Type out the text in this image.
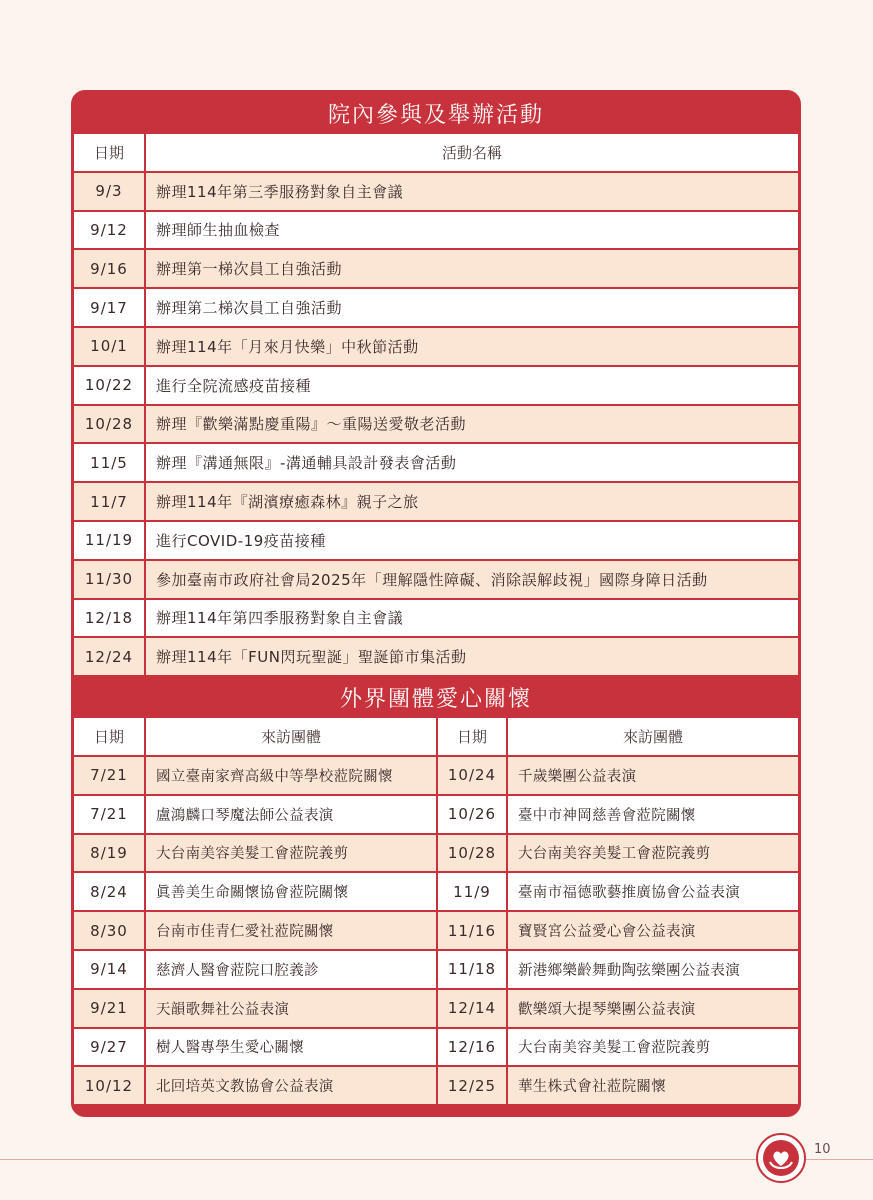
院內參與及舉辦活動
日期	活動名稱
9/3	辦理114年第三季服務對象自主會議
9/12	辦理師生抽血檢查
9/16	辦理第一梯次員工自強活動
9/17	辦理第二梯次員工自強活動
10/1	辦理114年「月來月快樂」中秋節活動
10/22	進行全院流感疫苗接種
10/28	辦理『歡樂滿點慶重陽』～重陽送愛敬老活動
11/5	辦理『溝通無限』-溝通輔具設計發表會活動
11/7	辦理114年『湖濱療癒森林』親子之旅
11/19	進行COVID-19疫苗接種
11/30	參加臺南市政府社會局2025年「理解隱性障礙、消除誤解歧視」國際身障日活動
12/18	辦理114年第四季服務對象自主會議
12/24	辦理114年「FUN閃玩聖誕」聖誕節市集活動
外界團體愛心關懷
日期	來訪團體	日期	來訪團體
7/21	國立臺南家齊高級中等學校蒞院關懷	10/24	千歲樂團公益表演
7/21	盧鴻麟口琴魔法師公益表演	10/26	臺中市神岡慈善會蒞院關懷
8/19	大台南美容美髮工會蒞院義剪	10/28	大台南美容美髮工會蒞院義剪
8/24	眞善美生命關懷協會蒞院關懷	11/9	臺南市福德歌藝推廣協會公益表演
8/30	台南市佳青仁愛社蒞院關懷	11/16	寶賢宮公益愛心會公益表演
9/14	慈濟人醫會蒞院口腔義診	11/18	新港鄉樂齡舞動陶弦樂團公益表演
9/21	天韻歌舞社公益表演	12/14	歡樂頌大提琴樂團公益表演
9/27	樹人醫專學生愛心關懷	12/16	大台南美容美髮工會蒞院義剪
10/12	北回培英文教協會公益表演	12/25	華生株式會社蒞院關懷
10
